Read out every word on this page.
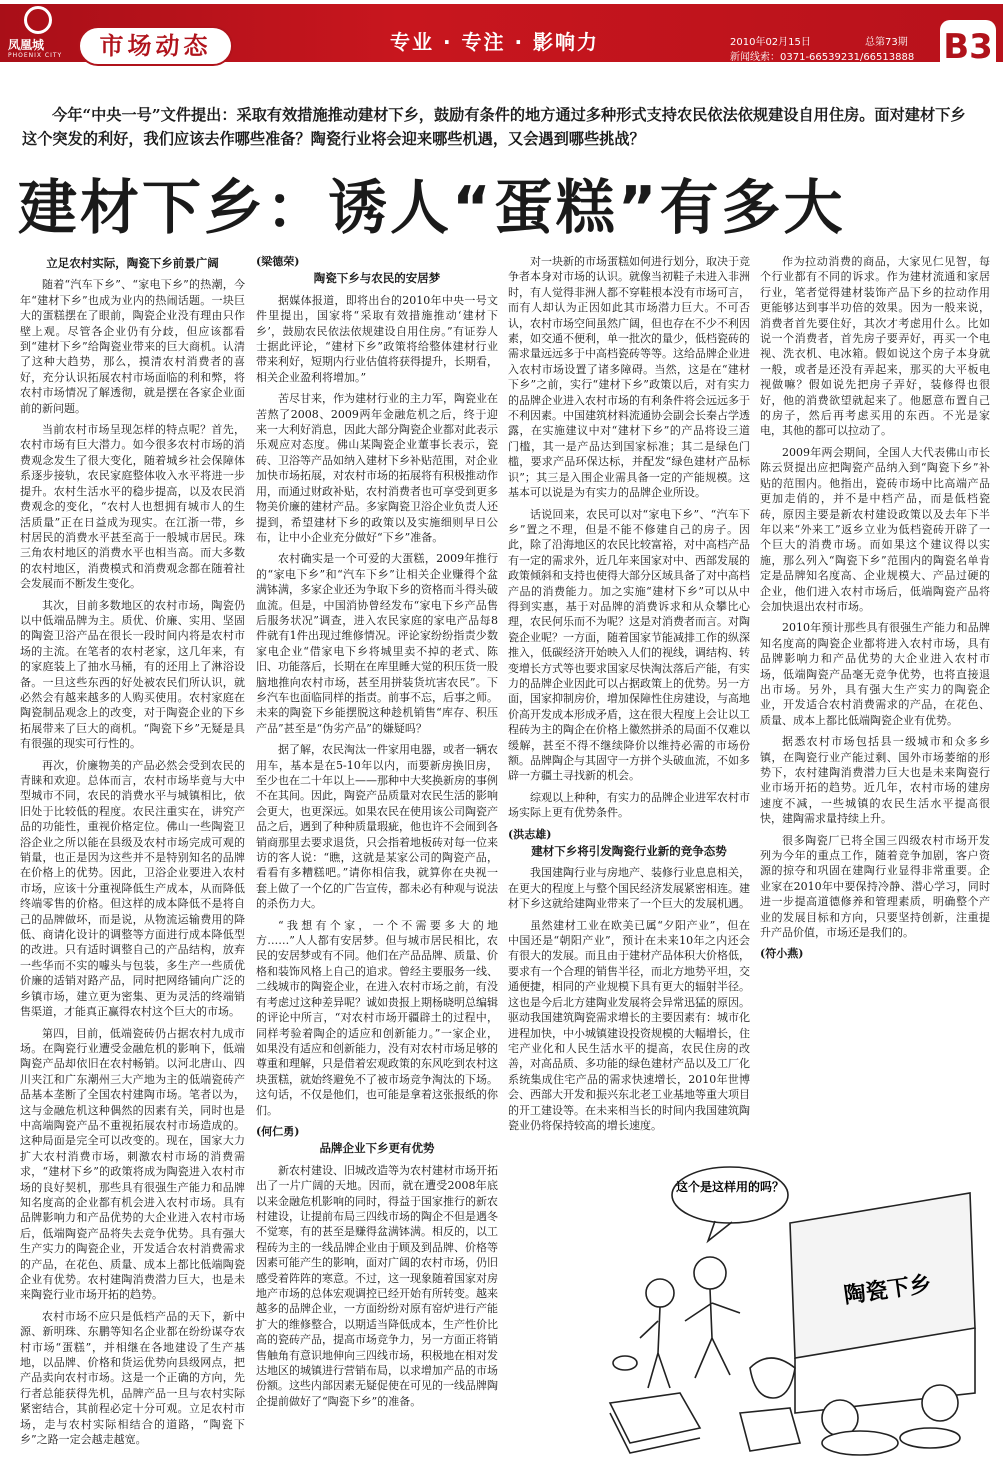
凤凰城
PHOENIX CITY	市场动态	专业 · 专注 · 影响力	2010年02月15日	总第73期
新闻线索：0371-66539231/66513888 B3
今年“中央一号”文件提出：采取有效措施推动建材下乡，鼓励有条件的地方通过多种形式支持农民依法依规建设自用住房。面对建材下乡这个突发的利好，我们应该去作哪些准备？陶瓷行业将会迎来哪些机遇，又会遇到哪些挑战？
建材下乡：诱人“蛋糕”有多大
立足农村实际，陶瓷下乡前景广阔

随着“汽车下乡”、“家电下乡”的热潮，今年“建材下乡”也成为业内的热闹话题。一块巨大的蛋糕摆在了眼前，陶瓷企业没有理由只作壁上观。尽管各企业仍有分歧，但应该都看到“建材下乡”给陶瓷业带来的巨大商机。认清了这种大趋势，那么，摸清农村消费者的喜好，充分认识拓展农村市场面临的利和弊，将农村市场情况了解透彻，就是摆在各家企业面前的新问题。

当前农村市场呈现怎样的特点呢？首先，农村市场有巨大潜力。如今很多农村市场的消费观念发生了很大变化，随着城乡社会保障体系逐步接轨，农民家庭整体收入水平将进一步提升。农村生活水平的稳步提高，以及农民消费观念的变化，“农村人也想拥有城市人的生活质量”正在日益成为现实。在江浙一带，乡村居民的消费水平甚至高于一般城市居民。珠三角农村地区的消费水平也相当高。而大多数的农村地区，消费模式和消费观念都在随着社会发展而不断发生变化。

其次，目前多数地区的农村市场，陶瓷仍以中低端品牌为主。质优、价廉、实用、坚固的陶瓷卫浴产品在很长一段时间内将是农村市场的主流。在笔者的农村老家，这几年来，有的家庭装上了抽水马桶，有的还用上了淋浴设备。一旦这些东西的好处被农民们所认识，就必然会有越来越多的人购买使用。农村家庭在陶瓷制品观念上的改变，对于陶瓷企业的下乡拓展带来了巨大的商机。“陶瓷下乡”无疑是具有很强的现实可行性的。

再次，价廉物美的产品必然会受到农民的青睐和欢迎。总体而言，农村市场毕竟与大中型城市不同，农民的消费水平与城镇相比，依旧处于比较低的程度。农民注重实在，讲究产品的功能性，重视价格定位。佛山一些陶瓷卫浴企业之所以能在县级及农村市场完成可观的销量，也正是因为这些并不是特别知名的品牌在价格上的优势。因此，卫浴企业要进入农村市场，应该十分重视降低生产成本，从而降低终端零售的价格。但这样的成本降低不是将自己的品牌做坏，而是说，从物流运输费用的降低、商请化设计的调整等方面进行成本降低型的改进。只有适时调整自己的产品结构，放弃一些华而不实的噱头与包装，多生产一些质优价廉的适销对路产品，同时把网络铺向广泛的乡镇市场，建立更为密集、更为灵活的终端销售渠道，才能真正赢得农村这个巨大的市场。

第四，目前，低端瓷砖仍占据农村九成市场。在陶瓷行业遭受金融危机的影响下，低端陶瓷产品却依旧在农村畅销。以河北唐山、四川夹江和广东潮州三大产地为主的低端瓷砖产品基本垄断了全国农村建陶市场。笔者以为，这与金融危机这种偶然的因素有关，同时也是中高端陶瓷产品不重视拓展农村市场造成的。这种局面是完全可以改变的。现在，国家大力扩大农村消费市场，刺激农村市场的消费需求，“建材下乡”的政策将成为陶瓷进入农村市场的良好契机，那些具有很强生产能力和品牌知名度高的企业都有机会进入农村市场。具有品牌影响力和产品优势的大企业进入农村市场后，低端陶瓷产品将失去竞争优势。具有强大生产实力的陶瓷企业，开发适合农村消费需求的产品，在花色、质量、成本上都比低端陶瓷企业有优势。农村建陶消费潜力巨大，也是未来陶瓷行业市场开拓的趋势。

农村市场不应只是低档产品的天下，新中源、新明珠、东鹏等知名企业都在纷纷谋夺农村市场“蛋糕”，并相继在各地建设了生产基地，以品牌、价格和货运优势向县级网点，把产品卖向农村市场。这是一个正确的方向，先行者总能获得先机，品牌产品一旦与农村实际紧密结合，其前程必定十分可观。立足农村市场，走与农村实际相结合的道路，“陶瓷下乡”之路一定会越走越宽。

(梁德荣)
陶瓷下乡与农民的安居梦

据媒体报道，即将出台的2010年中央一号文件里提出，国家将“采取有效措施推动‘建材下乡’，鼓励农民依法依规建设自用住房。”有证券人士据此评论，“建材下乡”政策将给整体建材行业带来利好，短期内行业估值将获得提升，长期看，相关企业盈利将增加。”

苦尽甘来，作为建材行业的主力军，陶瓷业在苦熬了2008、2009两年金融危机之后，终于迎来一大利好消息，因此大部分陶瓷企业都对此表示乐观应对态度。佛山某陶瓷企业董事长表示，瓷砖、卫浴等产品如纳入建材下乡补贴范围，对企业加快市场拓展，对农村市场的拓展将有积极推动作用，而通过财政补贴，农村消费者也可享受到更多物美价廉的建材产品。多家陶瓷卫浴企业负责人还提到，希望建材下乡的政策以及实施细则早日公布，让中小企业充分做好“下乡”准备。

农村确实是一个可爱的大蛋糕，2009年推行的“家电下乡”和“汽车下乡”让相关企业赚得个盆满钵满，多家企业还为争取下乡的资格而斗得头破血流。但是，中国消协曾经发布“家电下乡产品售后服务状况”调查，进入农民家庭的家电产品每8件就有1件出现过维修情况。评论家纷纷指责少数家电企业“借家电下乡将城里卖不掉的老式、陈旧、功能落后，长期在在库里睡大觉的积压货一股脑地推向农村市场，甚至用拼装货坑害农民”。下乡汽车也面临同样的指责。前事不忘，后事之师。未来的陶瓷下乡能摆脱这种趁机销售“库存、积压产品”甚至是“伪劣产品”的嫌疑吗？

据了解，农民淘汰一件家用电器，或者一辆农用车，基本是在5-10年以内，而要新房换旧房，至少也在二十年以上——那种中大奖换新房的事例不在其间。因此，陶瓷产品质量对农民生活的影响会更大，也更深远。如果农民在使用该公司陶瓷产品之后，遇到了种种质量瑕疵，他也许不会闹到各销商那里去要求退货，只会指着地板砖对每一位来访的客人说：“瞧，这就是某家公司的陶瓷产品，看看有多糟糕吧。”请你相信我，就算你在央视一套上做了一个亿的广告宣传，都未必有种观与说法的杀伤力大。

“我想有个家，一个不需要多大的地方……”人人都有安居梦。但与城市居民相比，农民的安居梦或有不同。他们在产品品牌、质量、价格和装饰风格上自己的追求。曾经主要服务一线、二线城市的陶瓷企业，在进入农村市场之前，有没有考虑过这种差异呢？诚如贵报上期杨晓明总编辑的评论中所言，“对农村市场开疆辟土的过程中，同样考验着陶企的适应和创新能力。”一家企业，如果没有适应和创新能力，没有对农村市场足够的尊重和理解，只是借着宏观政策的东风吃到农村这块蛋糕，就始终避免不了被市场竞争淘汰的下场。这句话，不仅是他们，也可能是拿着这张报纸的你们。

(何仁勇)
品牌企业下乡更有优势

新农村建设、旧城改造等为农村建材市场开拓出了一片广阔的天地。因而，就在遭受2008年底以来金融危机影响的同时，得益于国家推行的新农村建设，让提前布局三四线市场的陶企不但是遇冬不觉寒，有的甚至是赚得盆满钵满。相反的，以工程砖为主的一线品牌企业由于顾及到品牌、价格等因素可能产生的影响，面对广阔的农村市场，仍旧感受着阵阵的寒意。不过，这一现象随着国家对房地产市场的总体宏观调控已经开始有所转变。越来越多的品牌企业，一方面纷纷对原有窑炉进行产能扩大的维修整合，以期适当降低成本，生产性价比高的瓷砖产品，提高市场竞争力，另一方面正将销售触角有意识地伸向三四线市场，积极地在相对发达地区的城镇进行营销布局，以求增加产品的市场份额。这些内部因素无疑促使在可见的一线品牌陶企提前做好了“陶瓷下乡”的准备。

对一块新的市场蛋糕如何进行划分，取决于竞争者本身对市场的认识。就像当初鞋子未进入非洲时，有人觉得非洲人都不穿鞋根本没有市场可言，而有人却认为正因如此其市场潜力巨大。不可否认，农村市场空间虽然广阔，但也存在不少不利因素，如交通不便利，单一批次的量少，低档瓷砖的需求量远远多于中高档瓷砖等等。这给品牌企业进入农村市场设置了诸多障碍。当然，这是在“建材下乡”之前，实行“建材下乡”政策以后，对有实力的品牌企业进入农村市场的有利条件将会远远多于不利因素。中国建筑材料流通协会副会长秦占学透露，在实施建议中对“建材下乡”的产品将设三道门槛，其一是产品达到国家标准；其二是绿色门槛，要求产品环保达标，并配发“绿色建材产品标识”；其三是入围企业需具备一定的产能规模。这基本可以说是为有实力的品牌企业所设。

话说回来，农民可以对“家电下乡”、“汽车下乡”置之不理，但是不能不修建自己的房子。因此，除了沿海地区的农民比较富裕，对中高档产品有一定的需求外，近几年来国家对中、西部发展的政策倾斜和支持也使得大部分区域具备了对中高档产品的消费能力。加之实施“建材下乡”可以从中得到实惠，基于对品牌的消费诉求和从众攀比心理，农民何乐而不为呢？这是对消费者而言。对陶瓷企业呢？一方面，随着国家节能减排工作的纵深推入，低碳经济开始映入人们的视线，调结构、转变增长方式等也要求国家尽快淘汰落后产能，有实力的品牌企业因此可以占据政策上的优势。另一方面，国家抑制房价，增加保障性住房建设，与高地价高开发成本形成矛盾，这在很大程度上会让以工程砖为主的陶企在价格上徽然拼杀的局面不仅难以缓解，甚至不得不继续降价以维持必需的市场份额。品牌陶企与其固守一方拼个头破血流，不如多辟一方疆土寻找新的机会。

综观以上种种，有实力的品牌企业进军农村市场实际上更有优势条件。

(洪志雄)
建材下乡将引发陶瓷行业新的竞争态势

我国建陶行业与房地产、装修行业息息相关，在更大的程度上与整个国民经济发展紧密相连。建材下乡这就给建陶业带来了一个巨大的发展机遇。

虽然建材工业在欧美已属“夕阳产业”，但在中国还是“朝阳产业”，预计在未来10年之内还会有很大的发展。而且由于建材产品体积大价格低，要求有一个合理的销售半径，而北方地势平坦，交通便捷，相同的产业规模下具有更大的辐射半径。这也是今后北方建陶业发展将会异常迅猛的原因。驱动我国建筑陶瓷需求增长的主要因素有：城市化进程加快，中小城镇建设投资规模的大幅增长，住宅产业化和人民生活水平的提高，农民住房的改善，对高品质、多功能的绿色建材产品以及工厂化系统集成住宅产品的需求快速增长，2010年世博会、西部大开发和振兴东北老工业基地等重大项目的开工建设等。在未来相当长的时间内我国建筑陶瓷业仍将保持较高的增长速度。

作为拉动消费的商品，大家见仁见智，每个行业都有不同的诉求。作为建材流通和家居行业，笔者觉得建材装饰产品下乡的拉动作用更能够达到事半功倍的效果。因为一般来说，消费者首先要住好，其次才考虑用什么。比如说一个消费者，首先房子要弄好，再买一个电视、洗衣机、电冰箱。假如说这个房子本身就一般，或者是还没有弄起来，那买的大平板电视做嘛？假如说先把房子弄好，装修得也很好，他的消费欲望就起来了。他愿意布置自己的房子，然后再考虑买用的东西。不光是家电，其他的都可以拉动了。

2009年两会期间，全国人大代表佛山市长陈云贤提出应把陶瓷产品纳入到“陶瓷下乡”补贴的范围内。他指出，瓷砖市场中比高端产品更加走俏的，并不是中档产品，而是低档瓷砖，原因主要是新农村建设政策以及去年下半年以来“外来工”返乡立业为低档瓷砖开辟了一个巨大的消费市场。而如果这个建议得以实施，那么列入“陶瓷下乡”范围内的陶瓷名单肯定是品牌知名度高、企业规模大、产品过硬的企业，他们进入农村市场后，低端陶瓷产品将会加快退出农村市场。

2010年预计那些具有很强生产能力和品牌知名度高的陶瓷企业都将进入农村市场，具有品牌影响力和产品优势的大企业进入农村市场，低端陶瓷产品毫无竞争优势，也将直接退出市场。另外，具有强大生产实力的陶瓷企业，开发适合农村消费需求的产品，在花色、质量、成本上都比低端陶瓷企业有优势。

据悉农村市场包括县一级城市和众多乡镇，在陶瓷行业产能过剩、国外市场萎缩的形势下，农村建陶消费潜力巨大也是未来陶瓷行业市场开拓的趋势。近几年，农村市场的建房速度不减，一些城镇的农民生活水平提高很快，建陶需求量持续上升。

很多陶瓷厂已将全国三四级农村市场开发列为今年的重点工作，随着竞争加剧，客户资源的掠夺和巩固在建陶行业显得非常重要。企业家在2010年中要保持冷静、潜心学习，同时进一步提高道德修养和管理素质，明确整个产业的发展目标和方向，只要坚持创新，注重提升产品价值，市场还是我们的。

(符小燕)
这个是这样用的吗？
陶瓷下乡
